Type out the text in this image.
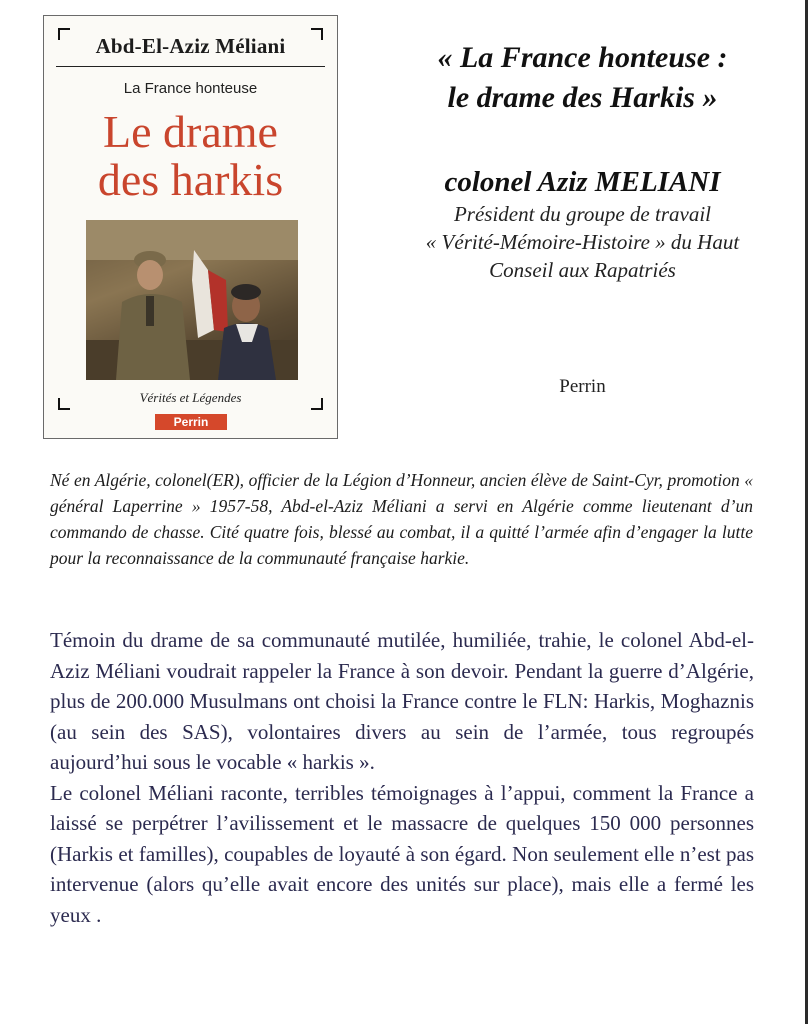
Abd-El-Aziz Méliani
La France honteuse
Le drame
des harkis
Vérités et Légendes
Perrin
« La France honteuse :
le drame des Harkis »
colonel Aziz MELIANI
Président du groupe de travail
« Vérité-Mémoire-Histoire » du Haut
Conseil aux Rapatriés
Perrin

Né en Algérie, colonel(ER), officier de la Légion d’Honneur, ancien élève de Saint-Cyr, promotion « général Laperrine » 1957-58, Abd-el-Aziz Méliani a servi en Algérie comme lieutenant d’un commando de chasse. Cité quatre fois, blessé au combat, il a quitté l’armée afin d’engager la lutte pour la reconnaissance de la communauté française harkie.

Témoin du drame de sa communauté mutilée, humiliée, trahie, le colonel Abd-el-Aziz Méliani voudrait rappeler la France à son devoir. Pendant la guerre d’Algérie, plus de 200.000 Musulmans ont choisi la France contre le FLN: Harkis, Moghaznis (au sein des SAS), volontaires divers au sein de l’armée, tous regroupés aujourd’hui sous le vocable « harkis ».

Le colonel Méliani raconte, terribles témoignages à l’appui, comment la France a laissé se perpétrer l’avilissement et le massacre de quelques 150 000 personnes (Harkis et familles), coupables de loyauté à son égard. Non seulement elle n’est pas intervenue (alors qu’elle avait encore des unités sur place), mais elle a fermé les yeux .
